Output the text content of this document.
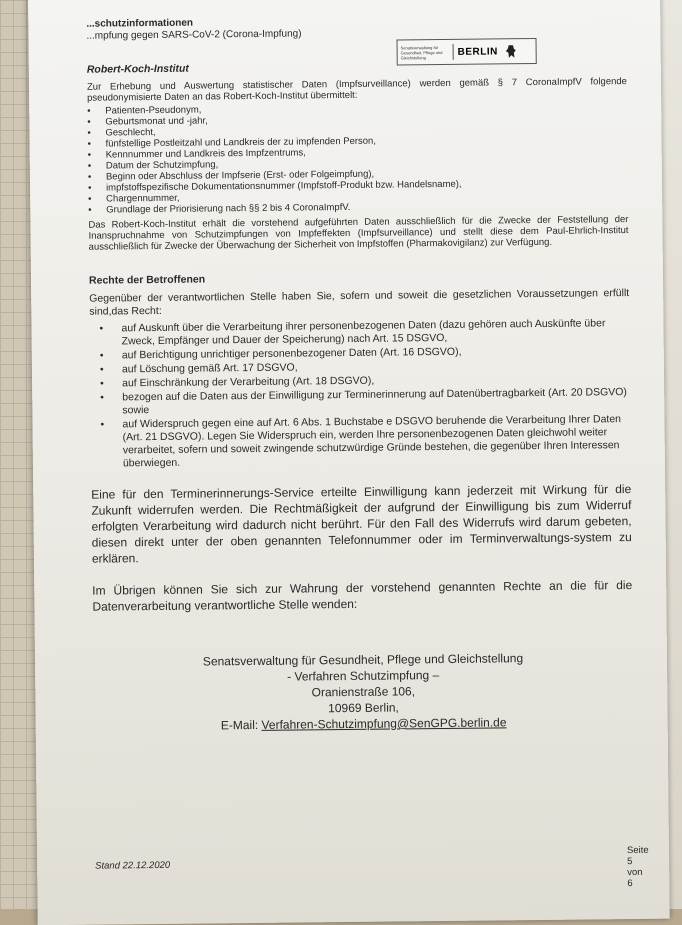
...schutzinformationen
...mpfung gegen SARS-CoV-2 (Corona-Impfung)
Robert-Koch-Institut

Zur Erhebung und Auswertung statistischer Daten (Impfsurveillance) werden gemäß § 7 CoronaImpfV folgende pseudonymisierte Daten an das Robert-Koch-Institut übermittelt:

• Patienten-Pseudonym,
• Geburtsmonat und -jahr,
• Geschlecht,
• fünfstellige Postleitzahl und Landkreis der zu impfenden Person,
• Kennnummer und Landkreis des Impfzentrums,
• Datum der Schutzimpfung,
• Beginn oder Abschluss der Impfserie (Erst- oder Folgeimpfung),
• impfstoffspezifische Dokumentationsnummer (Impfstoff-Produkt bzw. Handelsname),
• Chargennummer,
• Grundlage der Priorisierung nach §§ 2 bis 4 CoronaImpfV.

Das Robert-Koch-Institut erhält die vorstehend aufgeführten Daten ausschließlich für die Zwecke der Feststellung der Inanspruchnahme von Schutzimpfungen von Impfeffekten (Impfsurveillance) und stellt diese dem Paul-Ehrlich-Institut ausschließlich für Zwecke der Überwachung der Sicherheit von Impfstoffen (Pharmakovigilanz) zur Verfügung.

Rechte der Betroffenen

Gegenüber der verantwortlichen Stelle haben Sie, sofern und soweit die gesetzlichen Voraussetzungen erfüllt sind,das Recht:

• auf Auskunft über die Verarbeitung ihrer personenbezogenen Daten (dazu gehören auch Auskünfte über Zweck, Empfänger und Dauer der Speicherung) nach Art. 15 DSGVO,
• auf Berichtigung unrichtiger personenbezogener Daten (Art. 16 DSGVO),
• auf Löschung gemäß Art. 17 DSGVO,
• auf Einschränkung der Verarbeitung (Art. 18 DSGVO),
• bezogen auf die Daten aus der Einwilligung zur Terminerinnerung auf Datenübertragbarkeit (Art. 20 DSGVO) sowie
• auf Widerspruch gegen eine auf Art. 6 Abs. 1 Buchstabe e DSGVO beruhende die Verarbeitung Ihrer Daten (Art. 21 DSGVO). Legen Sie Widerspruch ein, werden Ihre personenbezogenen Daten gleichwohl weiter verarbeitet, sofern und soweit zwingende schutzwürdige Gründe bestehen, die gegenüber Ihren Interessen überwiegen.

Eine für den Terminerinnerungs-Service erteilte Einwilligung kann jederzeit mit Wirkung für die Zukunft widerrufen werden. Die Rechtmäßigkeit der aufgrund der Einwilligung bis zum Widerruf erfolgten Verarbeitung wird dadurch nicht berührt. Für den Fall des Widerrufs wird darum gebeten, diesen direkt unter der oben genannten Telefonnummer oder im Terminverwaltungs-system zu erklären.

Im Übrigen können Sie sich zur Wahrung der vorstehend genannten Rechte an die für die Datenverarbeitung verantwortliche Stelle wenden:

Senatsverwaltung für Gesundheit, Pflege und Gleichstellung
- Verfahren Schutzimpfung –
Oranienstraße 106,
10969 Berlin,
E-Mail: Verfahren-Schutzimpfung@SenGPG.berlin.de
Stand 22.12.2020
Seite 5 von 6
Senatsverwaltung für Gesundheit, Pflege und Gleichstellung	BERLIN
